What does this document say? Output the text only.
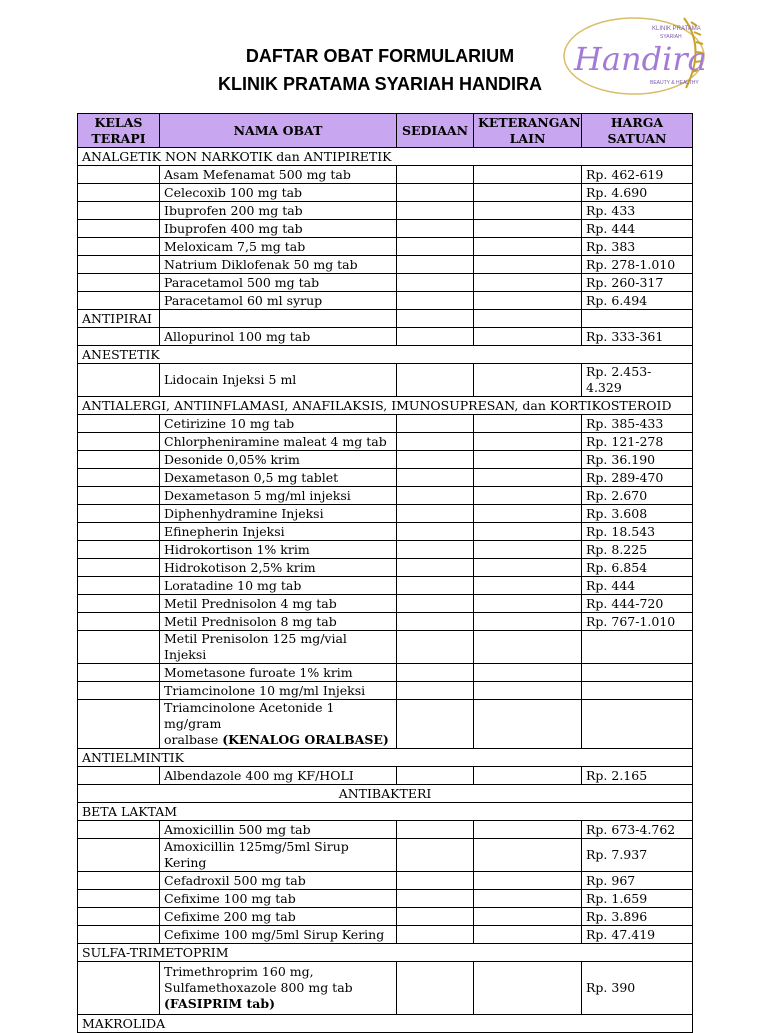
DAFTAR OBAT FORMULARIUM
KLINIK PRATAMA SYARIAH HANDIRA
KLINIK PRATAMA
SYARIAH
Handira
BEAUTY & HEALTHY
KELAS TERAPI	NAMA OBAT	SEDIAAN	KETERANGAN LAIN	HARGA SATUAN
ANALGETIK NON NARKOTIK dan ANTIPIRETIK				
	Asam Mefenamat 500 mg tab			Rp. 462-619
	Celecoxib 100 mg tab			Rp. 4.690
	Ibuprofen 200 mg tab			Rp. 433
	Ibuprofen 400 mg tab			Rp. 444
	Meloxicam 7,5 mg tab			Rp. 383
	Natrium Diklofenak 50 mg tab			Rp. 278-1.010
	Paracetamol 500 mg tab			Rp. 260-317
	Paracetamol 60 ml syrup			Rp. 6.494
ANTIPIRAI				
	Allopurinol 100 mg tab			Rp. 333-361
ANESTETIK				
	Lidocain Injeksi 5 ml			Rp. 2.453-
4.329

ANTIALERGI, ANTIINFLAMASI, ANAFILAKSIS, IMUNOSUPRESAN, dan KORTIKOSTEROID				
	Cetirizine 10 mg tab			Rp. 385-433
	Chlorpheniramine maleat 4 mg tab			Rp. 121-278
	Desonide 0,05% krim			Rp. 36.190
	Dexametason 0,5 mg tablet			Rp. 289-470
	Dexametason 5 mg/ml injeksi			Rp. 2.670
	Diphenhydramine Injeksi			Rp. 3.608
	Efinepherin Injeksi			Rp. 18.543
	Hidrokortison 1% krim			Rp. 8.225
	Hidrokotison 2,5% krim			Rp. 6.854
	Loratadine 10 mg tab			Rp. 444
	Metil Prednisolon 4 mg tab			Rp. 444-720
	Metil Prednisolon 8 mg tab			Rp. 767-1.010
	Metil Prenisolon 125 mg/vial Injeksi			
	Mometasone furoate 1% krim			
	Triamcinolone 10 mg/ml Injeksi			

	Triamcinolone Acetonide 1 mg/gram
oralbase (KENALOG ORALBASE)			

ANTIELMINTIK				
	Albendazole 400 mg KF/HOLI			Rp. 2.165
ANTIBAKTERI				
BETA LAKTAM				
	Amoxicillin 500 mg tab			Rp. 673-4.762
	Amoxicillin 125mg/5ml Sirup Kering			Rp. 7.937
	Cefadroxil 500 mg tab			Rp. 967
	Cefixime 100 mg tab			Rp. 1.659
	Cefixime 200 mg tab			Rp. 3.896
	Cefixime 100 mg/5ml Sirup Kering			Rp. 47.419
SULFA-TRIMETOPRIM				

	Trimethroprim 160 mg,
Sulfamethoxazole 800 mg tab
(FASIPRIM tab)			Rp. 390
MAKROLIDA				
